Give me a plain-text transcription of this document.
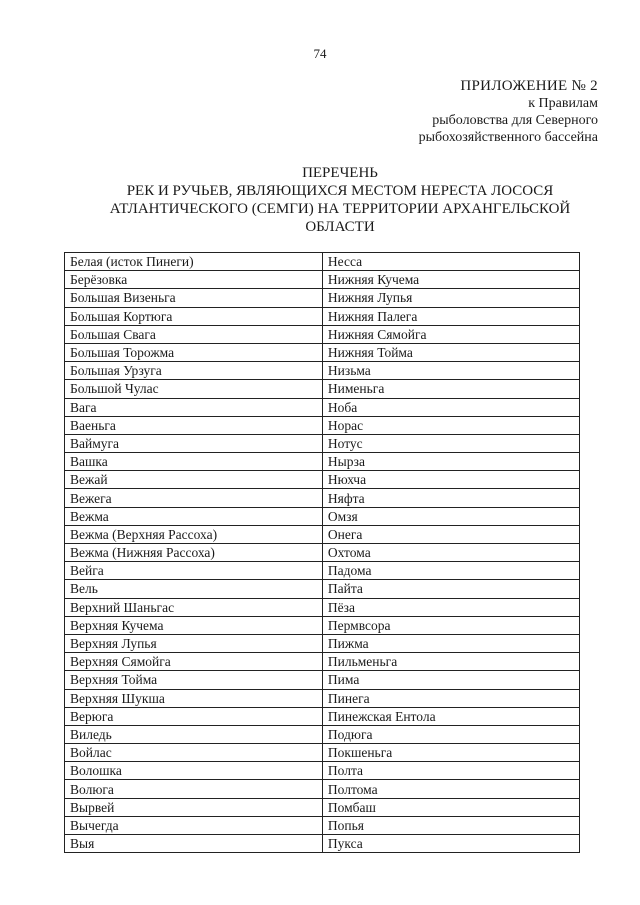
74
ПРИЛОЖЕНИЕ № 2
к Правилам
рыболовства для Северного
рыбохозяйственного бассейна
ПЕРЕЧЕНЬ
РЕК И РУЧЬЕВ, ЯВЛЯЮЩИХСЯ МЕСТОМ НЕРЕСТА ЛОСОСЯ
АТЛАНТИЧЕСКОГО (СЕМГИ) НА ТЕРРИТОРИИ АРХАНГЕЛЬСКОЙ
ОБЛАСТИ
Белая (исток Пинеги)	Несса
Берёзовка	Нижняя Кучема
Большая Визеньга	Нижняя Лупья
Большая Кортюга	Нижняя Палега
Большая Свага	Нижняя Сямойга
Большая Торожма	Нижняя Тойма
Большая Урзуга	Низьма
Большой Чулас	Нименьга
Вага	Ноба
Ваеньга	Норас
Ваймуга	Нотус
Вашка	Нырза
Вежай	Нюхча
Вежега	Няфта
Вежма	Омзя
Вежма (Верхняя Рассоха)	Онега
Вежма (Нижняя Рассоха)	Охтома
Вейга	Падома
Вель	Пайта
Верхний Шаньгас	Пёза
Верхняя Кучема	Пермвсора
Верхняя Лупья	Пижма
Верхняя Сямойга	Пильменьга
Верхняя Тойма	Пима
Верхняя Шукша	Пинега
Верюга	Пинежская Ентола
Виледь	Подюга
Войлас	Покшеньга
Волошка	Полта
Волюга	Полтома
Вырвей	Помбаш
Вычегда	Попья
Выя	Пукса
